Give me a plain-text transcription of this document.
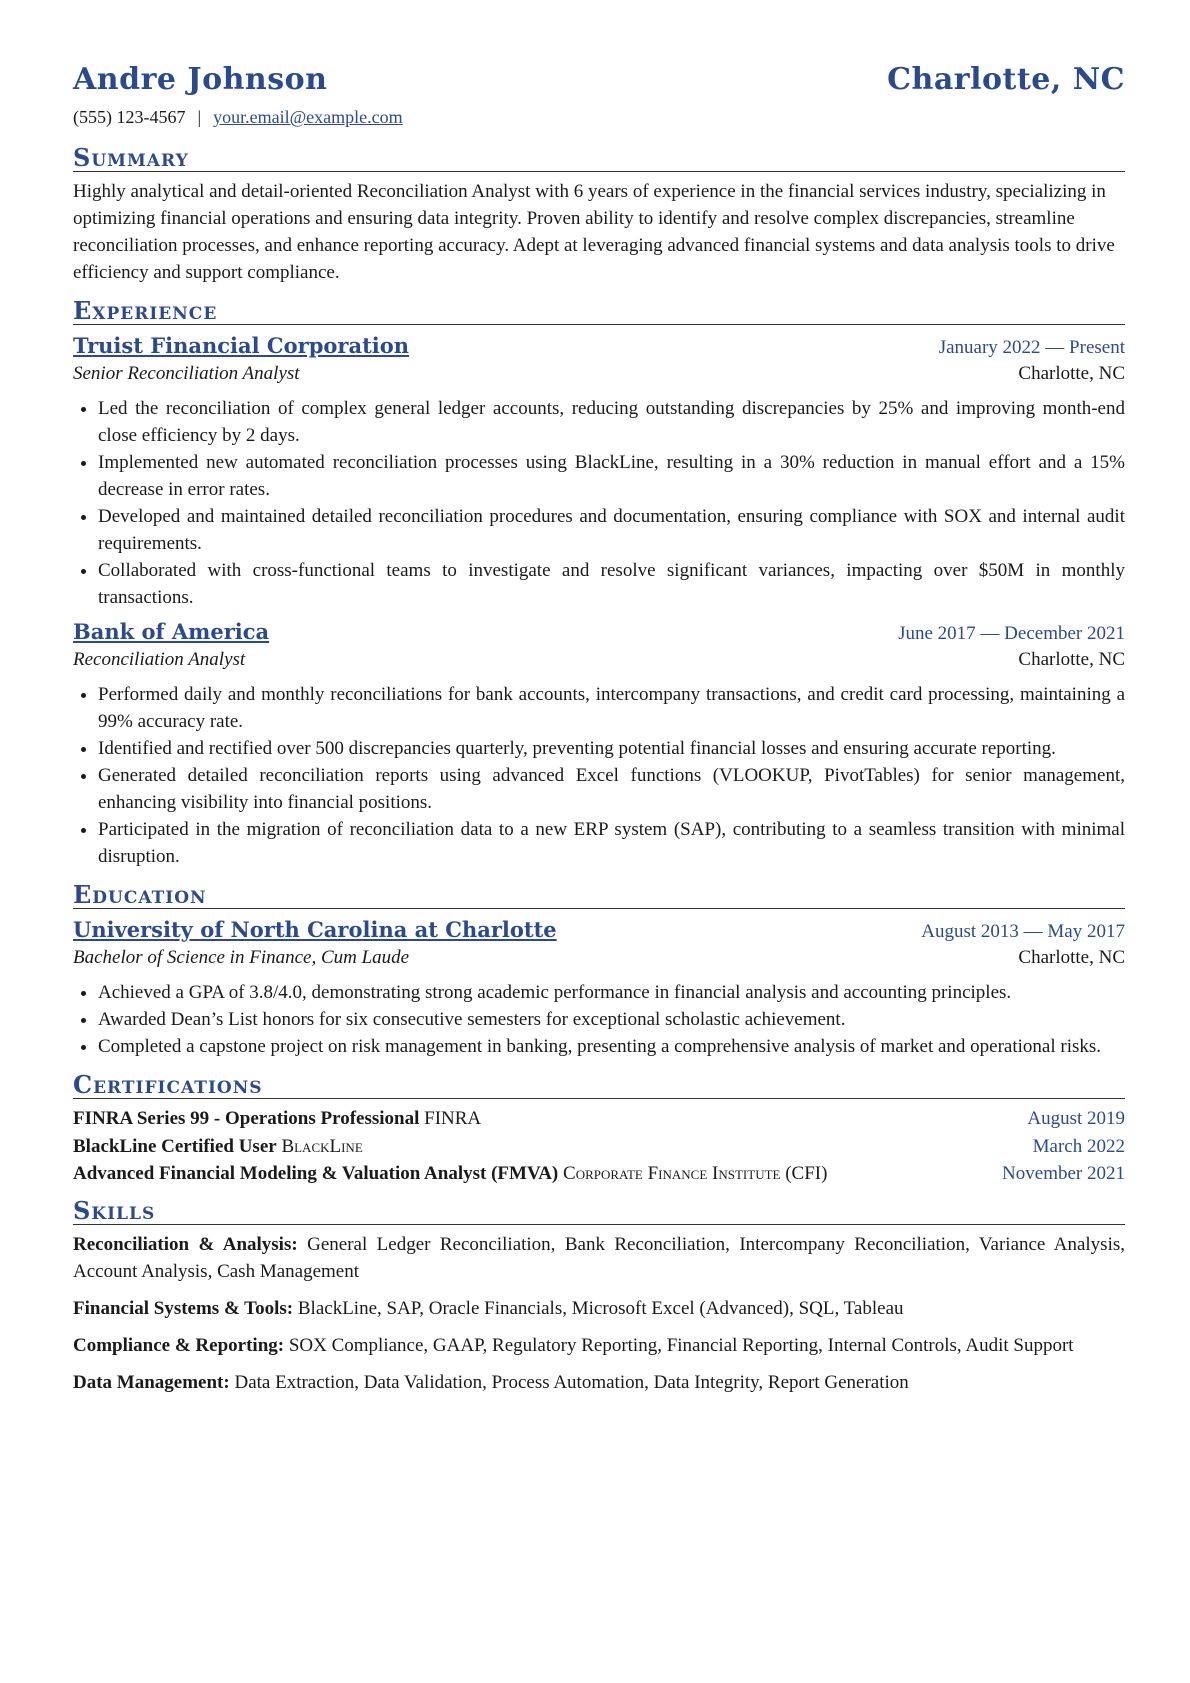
Andre Johnson	Charlotte, NC
(555) 123-4567 | your.email@example.com
Summary
Highly analytical and detail-oriented Reconciliation Analyst with 6 years of experience in the financial services industry, specializing in optimizing financial operations and ensuring data integrity. Proven ability to identify and resolve complex discrepancies, streamline reconciliation processes, and enhance reporting accuracy. Adept at leveraging advanced financial systems and data analysis tools to drive efficiency and support compliance.
Experience
Truist Financial Corporation	January 2022 — Present
Senior Reconciliation Analyst	Charlotte, NC
• Led the reconciliation of complex general ledger accounts, reducing outstanding discrepancies by 25% and improving month-end close efficiency by 2 days.
• Implemented new automated reconciliation processes using BlackLine, resulting in a 30% reduction in manual effort and a 15% decrease in error rates.
• Developed and maintained detailed reconciliation procedures and documentation, ensuring compliance with SOX and internal audit requirements.
• Collaborated with cross-functional teams to investigate and resolve significant variances, impacting over $50M in monthly transactions.
Bank of America	June 2017 — December 2021
Reconciliation Analyst	Charlotte, NC
• Performed daily and monthly reconciliations for bank accounts, intercompany transactions, and credit card processing, maintaining a 99% accuracy rate.
• Identified and rectified over 500 discrepancies quarterly, preventing potential financial losses and ensuring accurate reporting.
• Generated detailed reconciliation reports using advanced Excel functions (VLOOKUP, PivotTables) for senior management, enhancing visibility into financial positions.
• Participated in the migration of reconciliation data to a new ERP system (SAP), contributing to a seamless transition with minimal disruption.
Education
University of North Carolina at Charlotte	August 2013 — May 2017
Bachelor of Science in Finance, Cum Laude	Charlotte, NC
• Achieved a GPA of 3.8/4.0, demonstrating strong academic performance in financial analysis and accounting principles.
• Awarded Dean’s List honors for six consecutive semesters for exceptional scholastic achievement.
• Completed a capstone project on risk management in banking, presenting a comprehensive analysis of market and operational risks.
Certifications
FINRA Series 99 - Operations Professional FINRA	August 2019
BlackLine Certified User BlackLine	March 2022
Advanced Financial Modeling & Valuation Analyst (FMVA) Corporate Finance Institute (CFI)	November 2021
Skills
Reconciliation & Analysis: General Ledger Reconciliation, Bank Reconciliation, Intercompany Reconciliation, Variance Analysis, Account Analysis, Cash Management
Financial Systems & Tools: BlackLine, SAP, Oracle Financials, Microsoft Excel (Advanced), SQL, Tableau
Compliance & Reporting: SOX Compliance, GAAP, Regulatory Reporting, Financial Reporting, Internal Controls, Audit Support
Data Management: Data Extraction, Data Validation, Process Automation, Data Integrity, Report Generation
